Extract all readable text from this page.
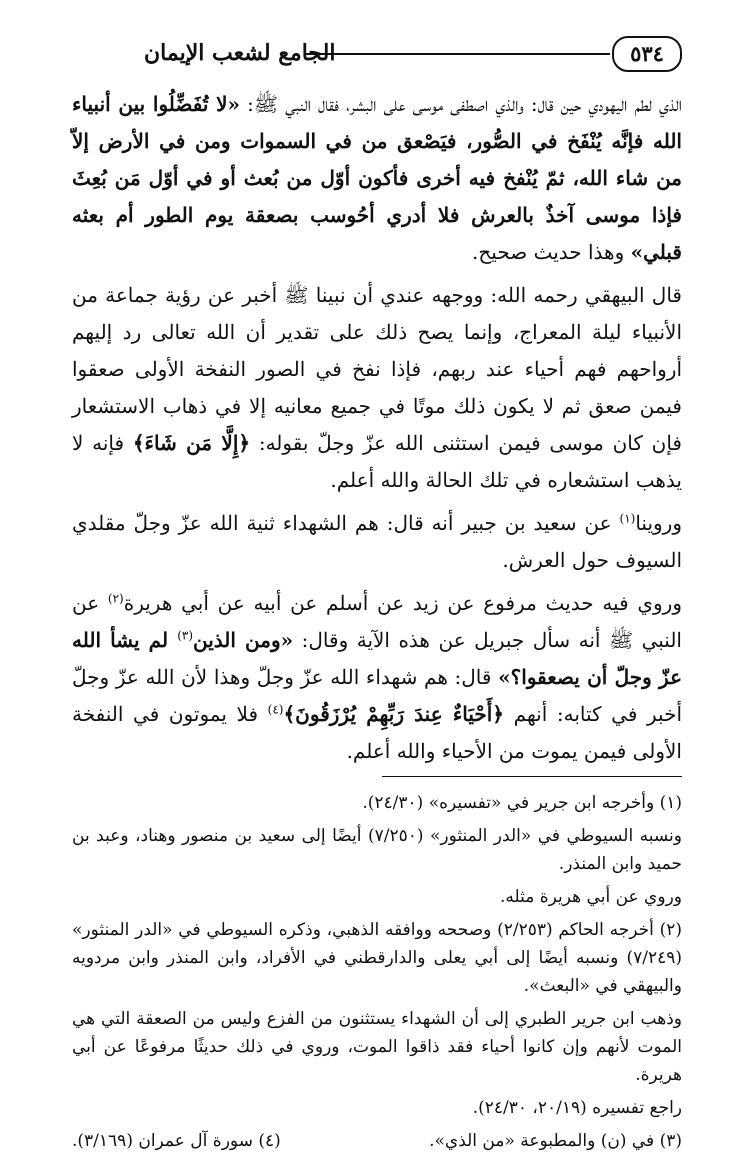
٥٣٤
الجامع لشعب الإيمان

الذي لطم اليهودي حين قال: والذي اصطفى موسى على البشر، فقال النبي ﷺ: «لا تُفَضِّلُوا بين أنبياء الله فإنَّه يُنْفَخ في الصُّور، فيَصْعق من في السموات ومن في الأرض إلاّ من شاء الله، ثمّ يُنْفخ فيه أخرى فأكون أوّل من بُعث أو في أوّل مَن بُعِثَ فإذا موسى آخذٌ بالعرش فلا أدري أحُوسب بصعقة يوم الطور أم بعثه قبلي» وهذا حديث صحيح.

قال البيهقي رحمه الله: ووجهه عندي أن نبينا ﷺ أخبر عن رؤية جماعة من الأنبياء ليلة المعراج، وإنما يصح ذلك على تقدير أن الله تعالى رد إليهم أرواحهم فهم أحياء عند ربهم، فإذا نفخ في الصور النفخة الأولى صعقوا فيمن صعق ثم لا يكون ذلك موتًا في جميع معانيه إلا في ذهاب الاستشعار فإن كان موسى فيمن استثنى الله عزّ وجلّ بقوله: ﴿إِلَّا مَن شَاءَ﴾ فإنه لا يذهب استشعاره في تلك الحالة والله أعلم.

وروينا$^{(١)}$ عن سعيد بن جبير أنه قال: هم الشهداء ثنية الله عزّ وجلّ مقلدي السيوف حول العرش.

وروي فيه حديث مرفوع عن زيد عن أسلم عن أبيه عن أبي هريرة$^{(٢)}$ عن النبي ﷺ أنه سأل جبريل عن هذه الآية وقال: «ومن الذين$^{(٣)}$ لم يشأ الله عزّ وجلّ أن يصعقوا؟» قال: هم شهداء الله عزّ وجلّ وهذا لأن الله عزّ وجلّ أخبر في كتابه: أنهم ﴿أَحْيَاءٌ عِندَ رَبِّهِمْ يُرْزَقُونَ﴾$^{(٤)}$ فلا يموتون في النفخة الأولى فيمن يموت من الأحياء والله أعلم.

(١) وأخرجه ابن جرير في «تفسيره» (٢٤/٣٠).

ونسبه السيوطي في «الدر المنثور» (٧/٢٥٠) أيضًا إلى سعيد بن منصور وهناد، وعبد بن حميد وابن المنذر.

وروي عن أبي هريرة مثله.

(٢) أخرجه الحاكم (٢/٢٥٣) وصححه ووافقه الذهبي، وذكره السيوطي في «الدر المنثور» (٧/٢٤٩) ونسبه أيضًا إلى أبي يعلى والدارقطني في الأفراد، وابن المنذر وابن مردويه والبيهقي في «البعث».

وذهب ابن جرير الطبري إلى أن الشهداء يستثنون من الفزع وليس من الصعقة التي هي الموت لأنهم وإن كانوا أحياء فقد ذاقوا الموت، وروي في ذلك حديثًا مرفوعًا عن أبي هريرة.

راجع تفسيره (٢٠/١٩، ٢٤/٣٠).

(٣) في (ن) والمطبوعة «من الذي».
(٤) سورة آل عمران (٣/١٦٩).
